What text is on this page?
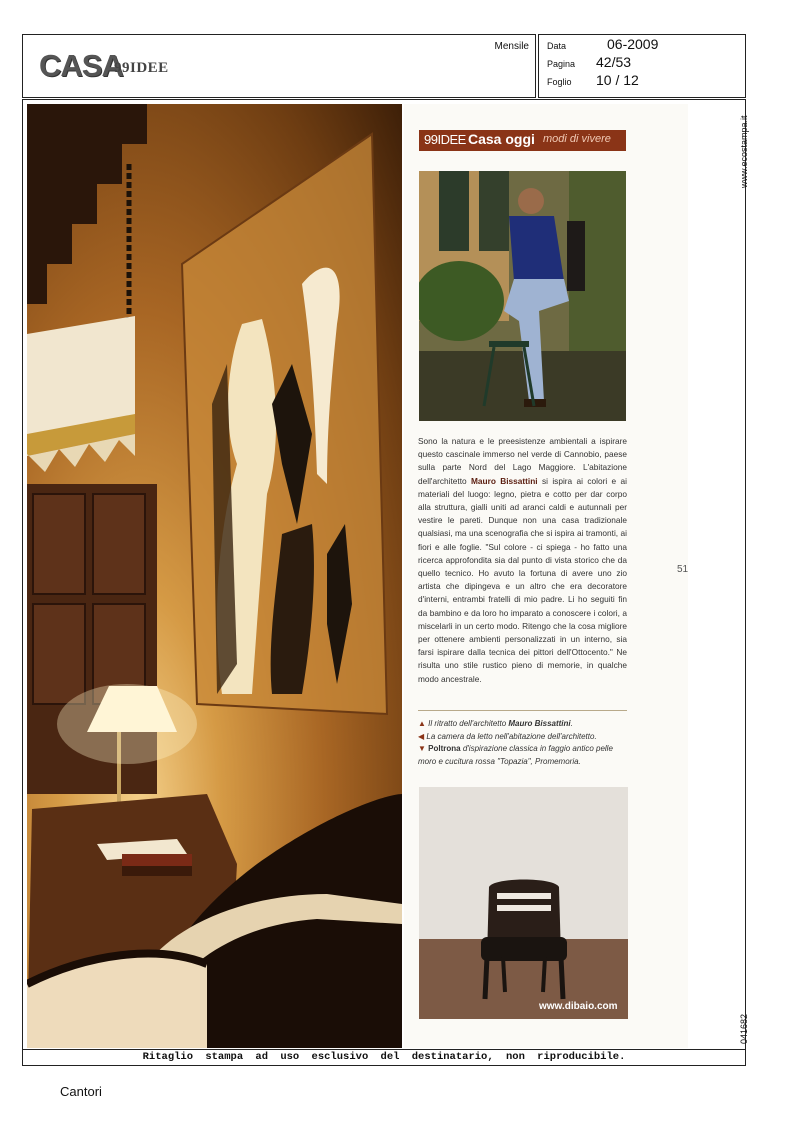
CASA
99IDEE
Mensile Data	06-2009
Pagina 42/53
Foglio 10 / 12
www.ecostampa.it
041682
99IDEE Casa oggi modi di vivere
Sono la natura e le preesistenze ambientali a ispirare questo cascinale immerso nel verde di Cannobio, paese sulla parte Nord del Lago Maggiore. L'abitazione dell'architetto Mauro Bissattini si ispira ai colori e ai materiali del luogo: legno, pietra e cotto per dar corpo alla struttura, gialli uniti ad aranci caldi e autunnali per vestire le pareti. Dunque non una casa tradizionale qualsiasi, ma una scenografia che si ispira ai tramonti, ai fiori e alle foglie. "Sul colore - ci spiega - ho fatto una ricerca approfondita sia dal punto di vista storico che da quello tecnico. Ho avuto la fortuna di avere uno zio artista che dipingeva e un altro che era decoratore d'interni, entrambi fratelli di mio padre. Li ho seguiti fin da bambino e da loro ho imparato a conoscere i colori, a miscelarli in un certo modo. Ritengo che la cosa migliore per ottenere ambienti personalizzati in un interno, sia farsi ispirare dalla tecnica dei pittori dell'Ottocento." Ne risulta uno stile rustico pieno di memorie, in qualche modo ancestrale.
▲ Il ritratto dell'architetto Mauro Bissattini.
◀ La camera da letto nell'abitazione dell'architetto.
▼ Poltrona d'ispirazione classica in faggio antico pelle moro e cucitura rossa "Topazia", Promemoria.
51
www.dibaio.com
Ritaglio stampa ad uso esclusivo del destinatario, non riproducibile.
Cantori
